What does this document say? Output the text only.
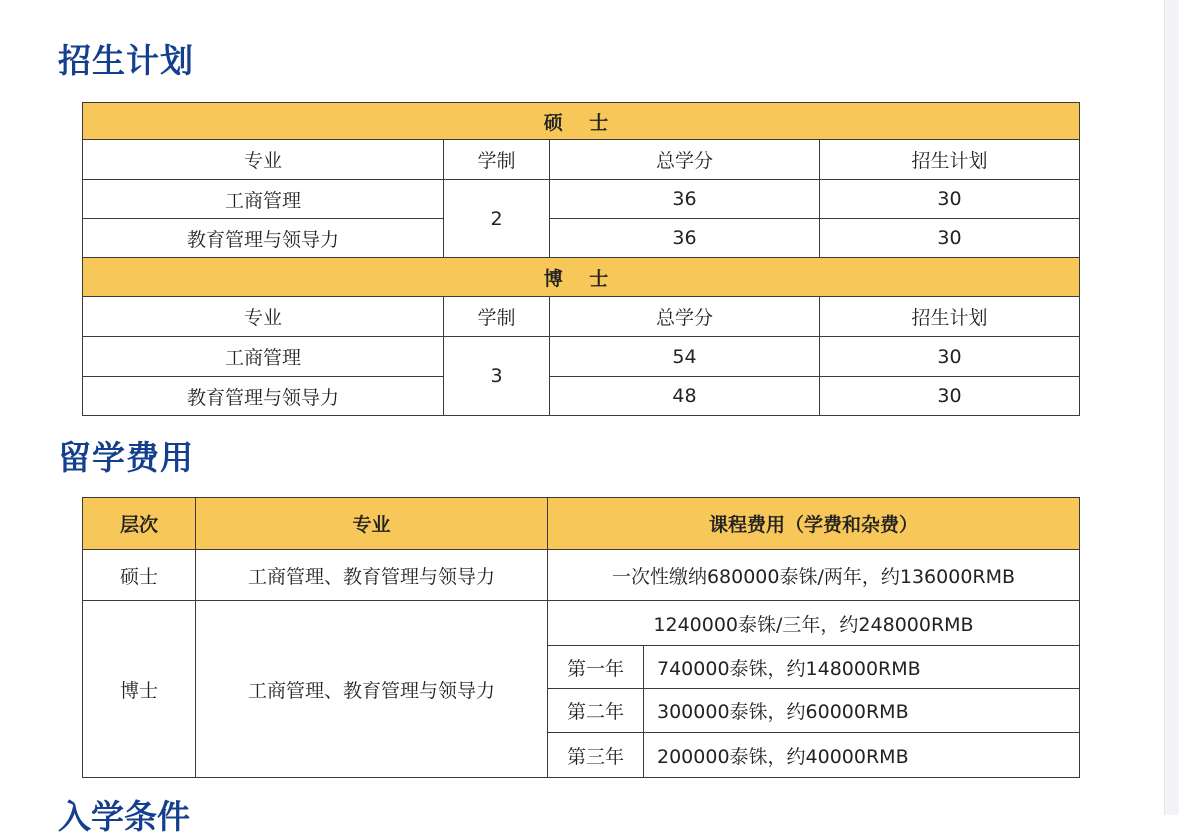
招生计划
硕 士			
专业	学制	总学分	招生计划
工商管理	2	36	30
教育管理与领导力		36	30
博 士			
专业	学制	总学分	招生计划
工商管理	3	54	30
教育管理与领导力		48	30
留学费用
层次	专业	课程费用（学费和杂费）	
硕士	工商管理、教育管理与领导力	一次性缴纳680000泰铢/两年，约136000RMB	
博士	工商管理、教育管理与领导力	1240000泰铢/三年，约248000RMB	
		第一年	740000泰铢，约148000RMB
		第二年	300000泰铢，约60000RMB
		第三年	200000泰铢，约40000RMB
入学条件
